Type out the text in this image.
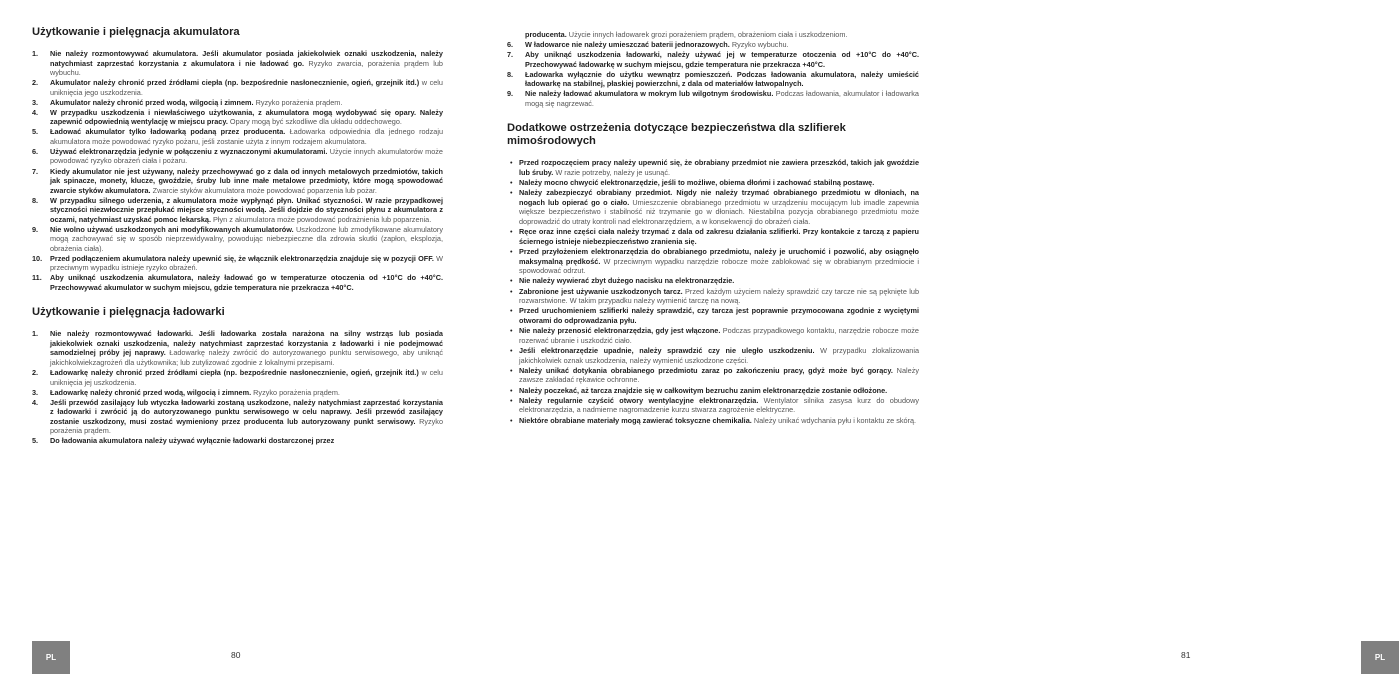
Użytkowanie i pielęgnacja akumulatora
1. Nie należy rozmontowywać akumulatora. Jeśli akumulator posiada jakiekolwiek oznaki uszkodzenia, należy natychmiast zaprzestać korzystania z akumulatora i nie ładować go. Ryzyko zwarcia, porażenia prądem lub wybuchu.
2. Akumulator należy chronić przed źródłami ciepła (np. bezpośrednie nasłonecznienie, ogień, grzejnik itd.) w celu uniknięcia jego uszkodzenia.
3. Akumulator należy chronić przed wodą, wilgocią i zimnem. Ryzyko porażenia prądem.
4. W przypadku uszkodzenia i niewłaściwego użytkowania, z akumulatora mogą wydobywać się opary. Należy zapewnić odpowiednią wentylację w miejscu pracy. Opary mogą być szkodliwe dla układu oddechowego.
5. Ładować akumulator tylko ładowarką podaną przez producenta. Ładowarka odpowiednia dla jednego rodzaju akumulatora może powodować ryzyko pożaru, jeśli zostanie użyta z innym rodzajem akumulatora.
6. Używać elektronarzędzia jedynie w połączeniu z wyznaczonymi akumulatorami. Użycie innych akumulatorów może powodować ryzyko obrażeń ciała i pożaru.
7. Kiedy akumulator nie jest używany, należy przechowywać go z dala od innych metalowych przedmiotów, takich jak spinacze, monety, klucze, gwoździe, śruby lub inne małe metalowe przedmioty, które mogą spowodować zwarcie styków akumulatora. Zwarcie styków akumulatora może powodować poparzenia lub pożar.
8. W przypadku silnego uderzenia, z akumulatora może wypłynąć płyn. Unikać styczności. W razie przypadkowej styczności niezwłocznie przepłukać miejsce styczności wodą. Jeśli dojdzie do styczności płynu z akumulatora z oczami, natychmiast uzyskać pomoc lekarską. Płyn z akumulatora może powodować podrażnienia lub poparzenia.
9. Nie wolno używać uszkodzonych ani modyfikowanych akumulatorów. Uszkodzone lub zmodyfikowane akumulatory mogą zachowywać się w sposób nieprzewidywalny, powodując niebezpieczne dla zdrowia skutki (zapłon, eksplozja, obrażenia ciała).
10. Przed podłączeniem akumulatora należy upewnić się, że włącznik elektronarzędzia znajduje się w pozycji OFF. W przeciwnym wypadku istnieje ryzyko obrażeń.
11. Aby uniknąć uszkodzenia akumulatora, należy ładować go w temperaturze otoczenia od +10°C do +40°C. Przechowywać akumulator w suchym miejscu, gdzie temperatura nie przekracza +40°C.
Użytkowanie i pielęgnacja ładowarki
1. Nie należy rozmontowywać ładowarki. Jeśli ładowarka została narażona na silny wstrząs lub posiada jakiekolwiek oznaki uszkodzenia, należy natychmiast zaprzestać korzystania z ładowarki i nie podejmować samodzielnej próby jej naprawy. Ładowarkę należy zwrócić do autoryzowanego punktu serwisowego, aby uniknąć jakichkolwiekzagrożeń dla użytkownika; lub zutylizować zgodnie z lokalnymi przepisami.
2. Ładowarkę należy chronić przed źródłami ciepła (np. bezpośrednie nasłonecznienie, ogień, grzejnik itd.) w celu uniknięcia jej uszkodzenia.
3. Ładowarkę należy chronić przed wodą, wilgocią i zimnem. Ryzyko porażenia prądem.
4. Jeśli przewód zasilający lub wtyczka ładowarki zostaną uszkodzone, należy natychmiast zaprzestać korzystania z ładowarki i zwrócić ją do autoryzowanego punktu serwisowego w celu naprawy. Jeśli przewód zasilający zostanie uszkodzony, musi zostać wymieniony przez producenta lub autoryzowany punkt serwisowy. Ryzyko porażenia prądem.
5. Do ładowania akumulatora należy używać wyłącznie ładowarki dostarczonej przez
PL	80
producenta. Użycie innych ładowarek grozi porażeniem prądem, obrażeniom ciała i uszkodzeniom.
6. W ładowarce nie należy umieszczać baterii jednorazowych. Ryzyko wybuchu.
7. Aby uniknąć uszkodzenia ładowarki, należy używać jej w temperaturze otoczenia od +10°C do +40°C. Przechowywać ładowarkę w suchym miejscu, gdzie temperatura nie przekracza +40°C.
8. Ładowarka wyłącznie do użytku wewnątrz pomieszczeń. Podczas ładowania akumulatora, należy umieścić ładowarkę na stabilnej, płaskiej powierzchni, z dala od materiałów łatwopalnych.
9. Nie należy ładować akumulatora w mokrym lub wilgotnym środowisku. Podczas ładowania, akumulator i ładowarka mogą się nagrzewać.
Dodatkowe ostrzeżenia dotyczące bezpieczeństwa dla szlifierek mimośrodowych
• Przed rozpoczęciem pracy należy upewnić się, że obrabiany przedmiot nie zawiera przeszkód, takich jak gwoździe lub śruby. W razie potrzeby, należy je usunąć.
• Należy mocno chwycić elektronarzędzie, jeśli to możliwe, obiema dłońmi i zachować stabilną postawę.
• Należy zabezpieczyć obrabiany przedmiot. Nigdy nie należy trzymać obrabianego przedmiotu w dłoniach, na nogach lub opierać go o ciało. Umieszczenie obrabianego przedmiotu w urządzeniu mocującym lub imadle zapewnia większe bezpieczeństwo i stabilność niż trzymanie go w dłoniach. Niestabilna pozycja obrabianego przedmiotu może doprowadzić do utraty kontroli nad elektronarzędziem, a w konsekwencji do obrażeń ciała.
• Ręce oraz inne części ciała należy trzymać z dala od zakresu działania szlifierki. Przy kontakcie z tarczą z papieru ściernego istnieje niebezpieczeństwo zranienia się.
• Przed przyłożeniem elektronarzędzia do obrabianego przedmiotu, należy je uruchomić i pozwolić, aby osiągnęło maksymalną prędkość. W przeciwnym wypadku narzędzie robocze może zablokować się w obrabianym przedmiocie i spowodować odrzut.
• Nie należy wywierać zbyt dużego nacisku na elektronarzędzie.
• Zabronione jest używanie uszkodzonych tarcz. Przed każdym użyciem należy sprawdzić czy tarcze nie są pęknięte lub rozwarstwione. W takim przypadku należy wymienić tarczę na nową.
• Przed uruchomieniem szlifierki należy sprawdzić, czy tarcza jest poprawnie przymocowana zgodnie z wyciętymi otworami do odprowadzania pyłu.
• Nie należy przenosić elektronarzędzia, gdy jest włączone. Podczas przypadkowego kontaktu, narzędzie robocze może rozerwać ubranie i uszkodzić ciało.
• Jeśli elektronarzędzie upadnie, należy sprawdzić czy nie uległo uszkodzeniu. W przypadku zlokalizowania jakichkolwiek oznak uszkodzenia, należy wymienić uszkodzone części.
• Należy unikać dotykania obrabianego przedmiotu zaraz po zakończeniu pracy, gdyż może być gorący. Należy zawsze zakładać rękawice ochronne.
• Należy poczekać, aż tarcza znajdzie się w całkowitym bezruchu zanim elektronarzędzie zostanie odłożone.
• Należy regularnie czyścić otwory wentylacyjne elektronarzędzia. Wentylator silnika zasysa kurz do obudowy elektronarzędzia, a nadmierne nagromadzenie kurzu stwarza zagrożenie elektryczne.
• Niektóre obrabiane materiały mogą zawierać toksyczne chemikalia. Należy unikać wdychania pyłu i kontaktu ze skórą.
PL
81
